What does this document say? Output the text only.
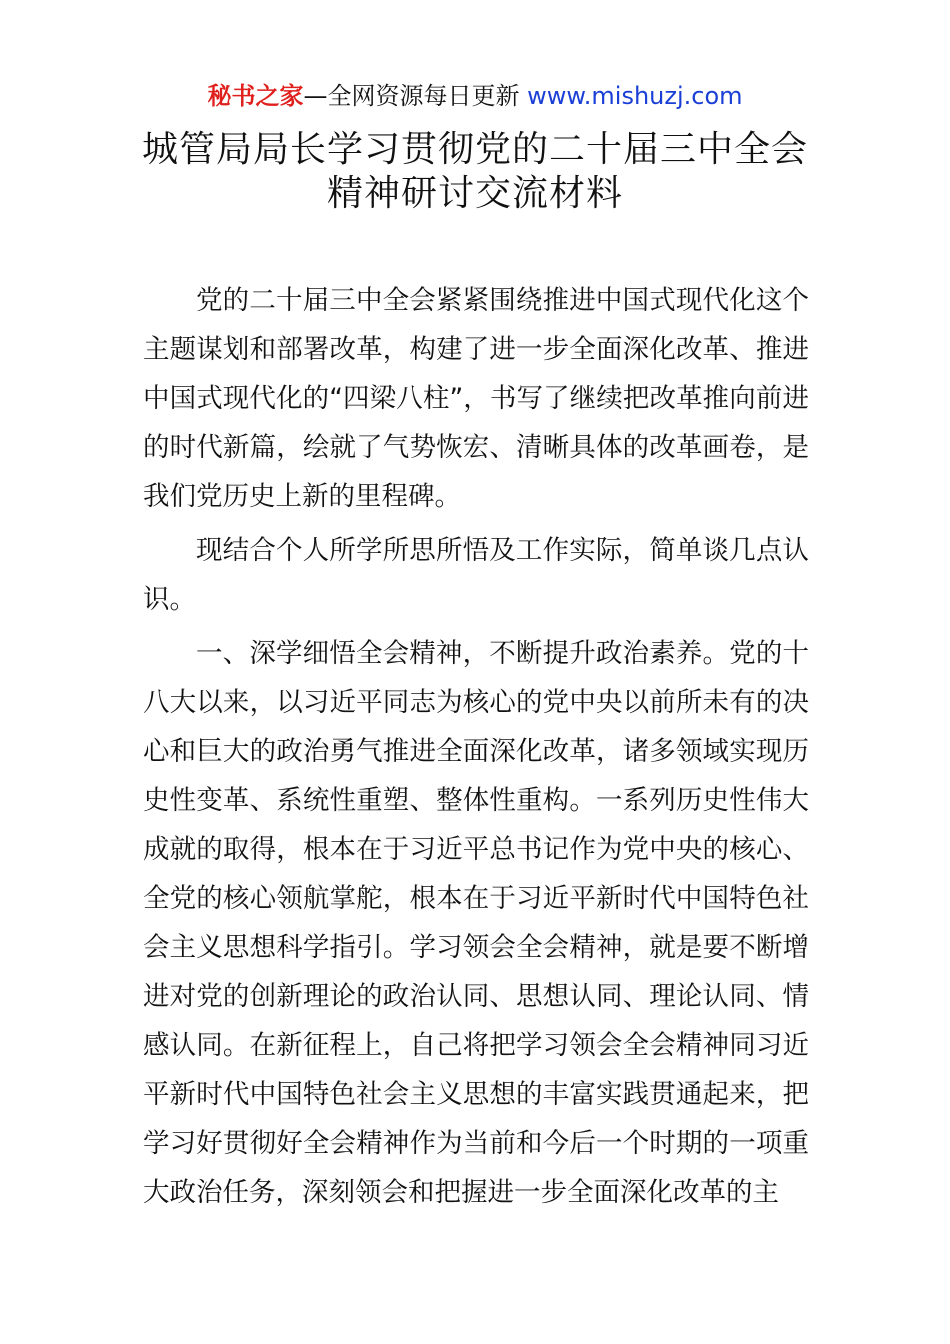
秘书之家—全网资源每日更新 www.mishuzj.com
城管局局长学习贯彻党的二十届三中全会
精神研讨交流材料

党的二十届三中全会紧紧围绕推进中国式现代化这个主题谋划和部署改革，构建了进一步全面深化改革、推进中国式现代化的“四梁八柱”，书写了继续把改革推向前进的时代新篇，绘就了气势恢宏、清晰具体的改革画卷，是我们党历史上新的里程碑。

现结合个人所学所思所悟及工作实际，简单谈几点认识。

一、深学细悟全会精神，不断提升政治素养。党的十八大以来，以习近平同志为核心的党中央以前所未有的决心和巨大的政治勇气推进全面深化改革，诸多领域实现历史性变革、系统性重塑、整体性重构。一系列历史性伟大成就的取得，根本在于习近平总书记作为党中央的核心、全党的核心领航掌舵，根本在于习近平新时代中国特色社会主义思想科学指引。学习领会全会精神，就是要不断增进对党的创新理论的政治认同、思想认同、理论认同、情感认同。在新征程上，自己将把学习领会全会精神同习近平新时代中国特色社会主义思想的丰富实践贯通起来，把学习好贯彻好全会精神作为当前和今后一个时期的一项重大政治任务，深刻领会和把握进一步全面深化改革的主
